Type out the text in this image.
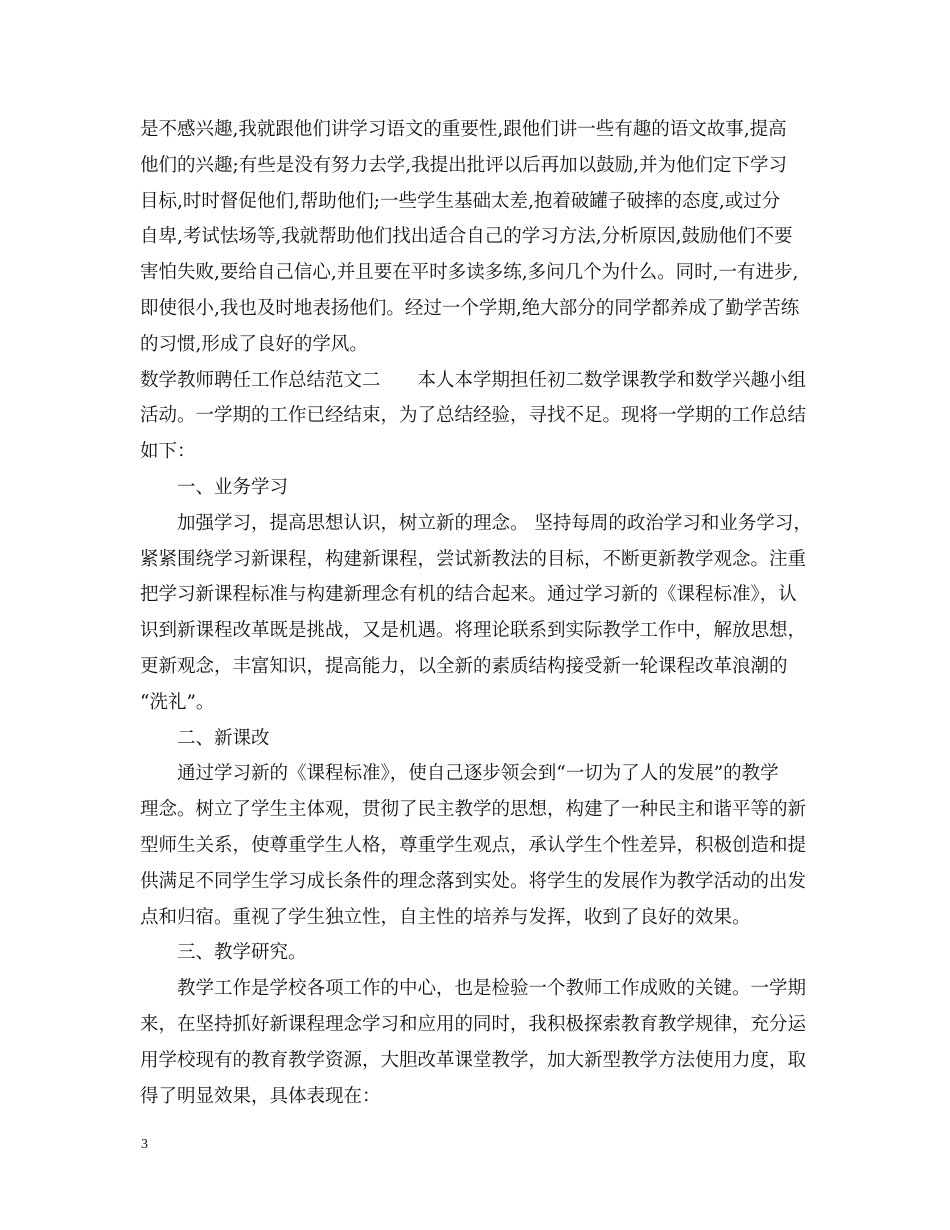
是不感兴趣,我就跟他们讲学习语文的重要性,跟他们讲一些有趣的语文故事,提高
他们的兴趣;有些是没有努力去学,我提出批评以后再加以鼓励,并为他们定下学习
目标,时时督促他们,帮助他们;一些学生基础太差,抱着破罐子破摔的态度,或过分
自卑,考试怯场等,我就帮助他们找出适合自己的学习方法,分析原因,鼓励他们不要
害怕失败,要给自己信心,并且要在平时多读多练,多问几个为什么。同时,一有进步,
即使很小,我也及时地表扬他们。经过一个学期,绝大部分的同学都养成了勤学苦练
的习惯,形成了良好的学风。
数学教师聘任工作总结范文二　　本人本学期担任初二数学课教学和数学兴趣小组
活动。一学期的工作已经结束，为了总结经验，寻找不足。现将一学期的工作总结
如下：
一、业务学习
加强学习，提高思想认识，树立新的理念。 坚持每周的政治学习和业务学习，
紧紧围绕学习新课程，构建新课程，尝试新教法的目标，不断更新教学观念。注重
把学习新课程标准与构建新理念有机的结合起来。通过学习新的《课程标准》，认
识到新课程改革既是挑战，又是机遇。将理论联系到实际教学工作中，解放思想，
更新观念，丰富知识，提高能力，以全新的素质结构接受新一轮课程改革浪潮的
“洗礼”。
二、新课改
通过学习新的《课程标准》，使自己逐步领会到“一切为了人的发展”的教学
理念。树立了学生主体观，贯彻了民主教学的思想，构建了一种民主和谐平等的新
型师生关系，使尊重学生人格，尊重学生观点，承认学生个性差异，积极创造和提
供满足不同学生学习成长条件的理念落到实处。将学生的发展作为教学活动的出发
点和归宿。重视了学生独立性，自主性的培养与发挥，收到了良好的效果。
三、教学研究。
教学工作是学校各项工作的中心，也是检验一个教师工作成败的关键。一学期
来，在坚持抓好新课程理念学习和应用的同时，我积极探索教育教学规律，充分运
用学校现有的教育教学资源，大胆改革课堂教学，加大新型教学方法使用力度，取
得了明显效果，具体表现在：
3
